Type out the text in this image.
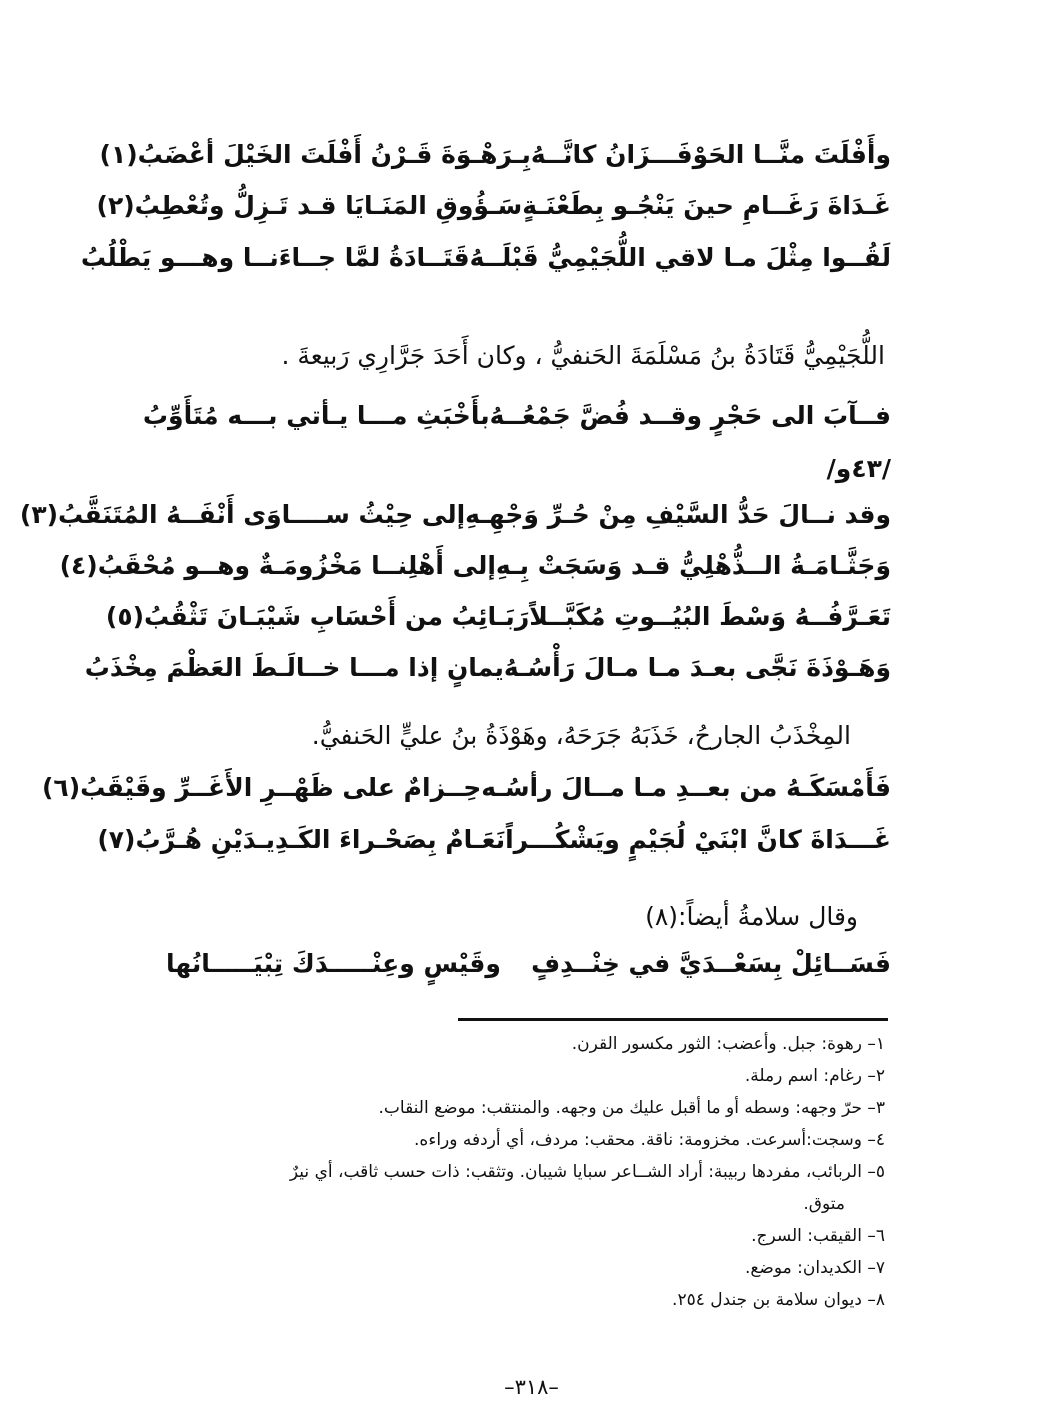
وأَفْلَتَ منَّــا الحَوْفَـــزَانُ كانَّــهُ
بِـرَهْـوَةَ قَـرْنُ أَفْلَتَ الخَيْلَ أعْضَبُ(١)
غَـدَاةَ رَغَــامِ حينَ يَنْجُـو بِطَعْنَـةٍ
سَـؤُوقِ المَنَـايَا قـد تَـزِلُّ وتُعْطِبُ(٢)
لَقُــوا مِثْلَ مـا لاقي اللُّجَيْمِيُّ قَبْلَــهُ
قَتَــادَةُ لمَّا جــاءَنــا وهـــو يَطْلُبُ
اللُّجَيْمِيُّ قَتَادَةُ بنُ مَسْلَمَةَ الحَنفيُّ ، وكان أَحَدَ جَرَّارِي رَبيعةَ .
فــآبَ الى حَجْرٍ وقــد فُضَّ جَمْعُــهُ
بأَخْبَثِ مـــا يـأتي بـــه مُتَأَوِّبُ
/٤٣و/
وقد نــالَ حَدُّ السَّيْفِ مِنْ حُـرِّ وَجْهِـهِ
إلى حِيْثُ ســــاوَى أَنْفَــهُ المُتَنَقَّبُ(٣)
وَجَثَّـامَـةُ الــذُّهْلِيُّ قـد وَسَجَتْ بِـهِ
إلى أَهْلِنــا مَخْزُومَـةٌ وهــو مُحْقَبُ(٤)
تَعَـرَّفُــهُ وَسْطَ البُيُــوتِ مُكَبَّــلاً
رَبَـائِبُ من أَحْسَابِ شَيْبَـانَ تَثْقُبُ(٥)
وَهَـوْذَةَ نَجَّى بعـدَ مـا مـالَ رَأْسُـهُ
يمانٍ إذا مـــا خــالَـطَ العَظْمَ مِخْذَبُ
المِخْذَبُ الجارحُ، خَذَبَهُ جَرَحَهُ، وهَوْذَةُ بنُ عليٍّ الحَنفيُّ.
فَأَمْسَكَـهُ من بعــدِ مـا مــالَ رأسُـه
حِــزامٌ على ظَهْــرِ الأَغَــرِّ وقَيْقَبُ(٦)
غَـــدَاةَ كانَّ ابْنَيْ لُجَيْمٍ ويَشْكُـــراً
نَعَـامٌ بِصَحْـراءَ الكَـدِيـدَيْنِ هُـرَّبُ(٧)
وقال سلامةُ أيضاً:(٨)
فَسَــائِلْ بِسَعْــدَيَّ في خِنْــدِفٍ
وقَيْسٍ وعِنْـــــدَكَ تِبْيَـــــانُها
١– رهوة: جبل. وأعضب: الثور مكسور القرن.
٢– رغام: اسم رملة.
٣– حرّ وجهه: وسطه أو ما أقبل عليك من وجهه. والمنتقب: موضع النقاب.
٤– وسجت:أسرعت. مخزومة: ناقة. محقب: مردف، أي أردفه وراءه.
٥– الربائب، مفردها ربيبة: أراد الشــاعر سبايا شيبان. وتثقب: ذات حسب ثاقب، أي نيرٌ
متوق.
٦– القيقب: السرج.
٧– الكديدان: موضع.
٨– ديوان سلامة بن جندل ٢٥٤.
–٣١٨–
